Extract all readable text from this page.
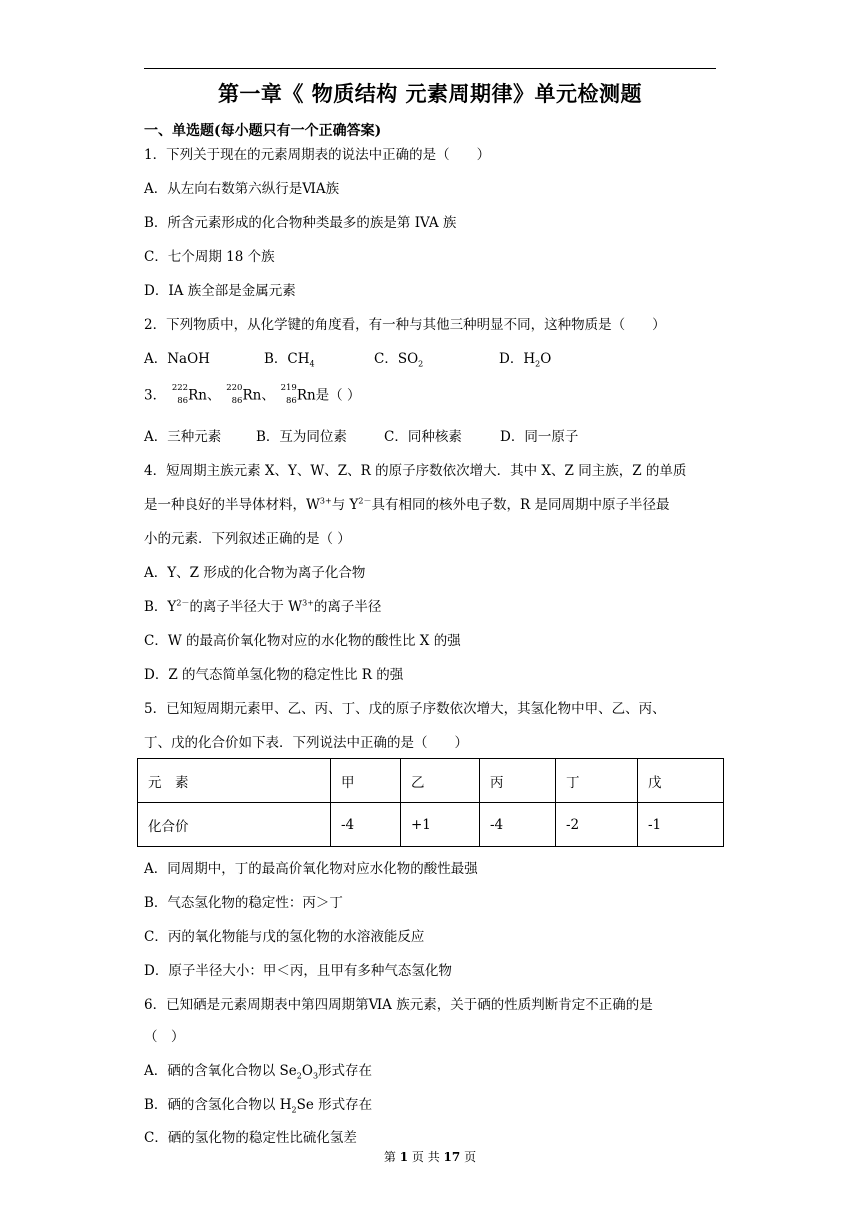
第一章《 物质结构 元素周期律》单元检测题
一、单选题(每小题只有一个正确答案)
1．下列关于现在的元素周期表的说法中正确的是（　　）
A．从左向右数第六纵行是ⅥA族
B．所含元素形成的化合物种类最多的族是第 IVA 族
C．七个周期 18 个族
D．ⅠA 族全部是金属元素
2．下列物质中，从化学键的角度看，有一种与其他三种明显不同，这种物质是（　　）
A．NaOH	B．$CH_4$	C．$SO_2$	D．$H_2O$
3． 222
86 Rn、 220
86 Rn、 219
86 Rn是（ ）
A．三种元素	B．互为同位素	C．同种核素	D．同一原子
4．短周期主族元素 X、Y、W、Z、R 的原子序数依次增大．其中 X、Z 同主族，Z 的单质
是一种良好的半导体材料，$W^{3+}$与 $Y^{2-}$具有相同的核外电子数，R 是同周期中原子半径最
小的元素．下列叙述正确的是（ ）
A．Y、Z 形成的化合物为离子化合物
B．$Y^{2-}$的离子半径大于 $W^{3+}$的离子半径
C．W 的最高价氧化物对应的水化物的酸性比 X 的强
D．Z 的气态简单氢化物的稳定性比 R 的强
5．已知短周期元素甲、乙、丙、丁、戊的原子序数依次增大，其氢化物中甲、乙、丙、
丁、戊的化合价如下表．下列说法中正确的是（　　）
元　素	甲	乙	丙	丁	戊
化合价	-4	+1	-4	-2	-1
A．同周期中，丁的最高价氧化物对应水化物的酸性最强
B．气态氢化物的稳定性：丙＞丁
C．丙的氧化物能与戊的氢化物的水溶液能反应
D．原子半径大小：甲＜丙，且甲有多种气态氢化物
6．已知硒是元素周期表中第四周期第ⅥA 族元素，关于硒的性质判断肯定不正确的是
（　）
A．硒的含氧化合物以 $Se_2O_3$形式存在
B．硒的含氢化合物以 $H_2Se$ 形式存在
C．硒的氢化物的稳定性比硫化氢差
第 1 页 共 17 页
